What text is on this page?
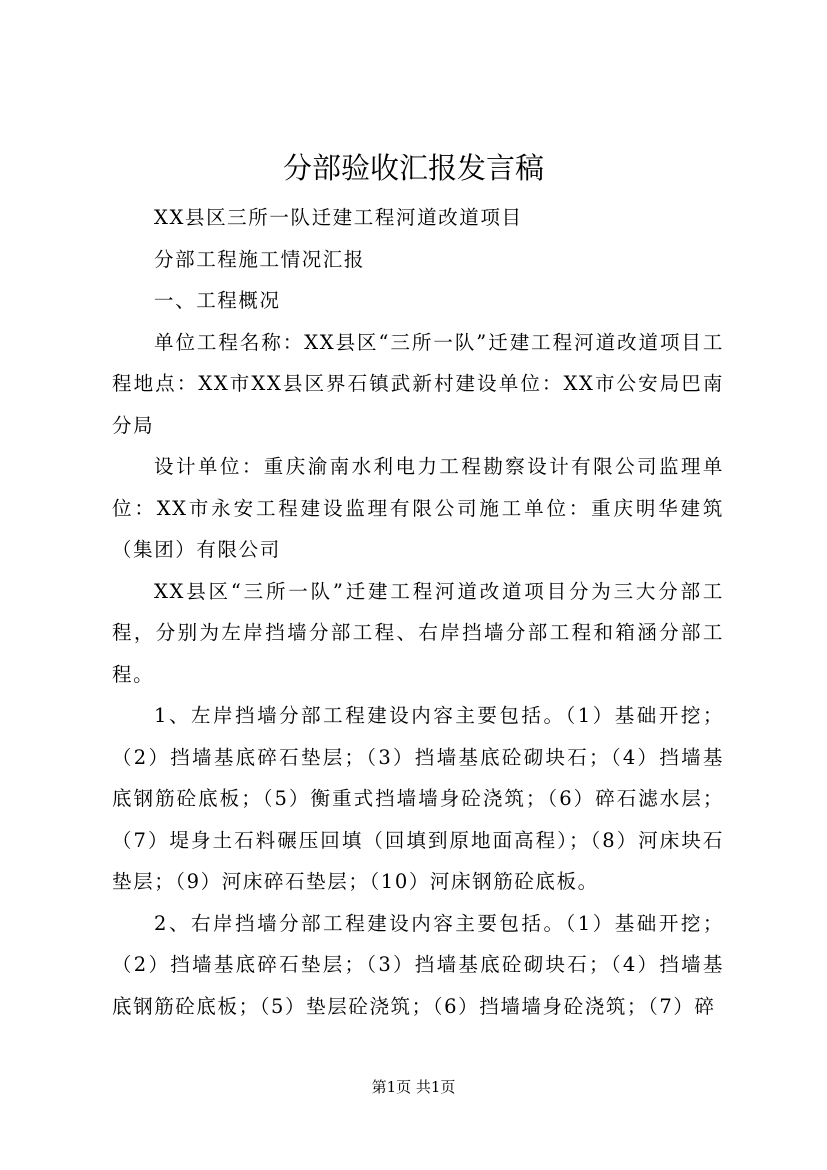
分部验收汇报发言稿

XX县区三所一队迁建工程河道改道项目

分部工程施工情况汇报

一、工程概况

单位工程名称：XX县区“三所一队”迁建工程河道改道项目工程地点：XX市XX县区界石镇武新村建设单位：XX市公安局巴南分局

设计单位：重庆渝南水利电力工程勘察设计有限公司监理单位：XX市永安工程建设监理有限公司施工单位：重庆明华建筑（集团）有限公司

XX县区“三所一队”迁建工程河道改道项目分为三大分部工程，分别为左岸挡墙分部工程、右岸挡墙分部工程和箱涵分部工程。

1、左岸挡墙分部工程建设内容主要包括。（1）基础开挖；（2）挡墙基底碎石垫层；（3）挡墙基底砼砌块石；（4）挡墙基底钢筋砼底板；（5）衡重式挡墙墙身砼浇筑；（6）碎石滤水层；（7）堤身土石料碾压回填（回填到原地面高程）；（8）河床块石垫层；（9）河床碎石垫层；（10）河床钢筋砼底板。

2、右岸挡墙分部工程建设内容主要包括。（1）基础开挖；（2）挡墙基底碎石垫层；（3）挡墙基底砼砌块石；（4）挡墙基底钢筋砼底板；（5）垫层砼浇筑；（6）挡墙墙身砼浇筑；（7）碎

第1页 共1页
